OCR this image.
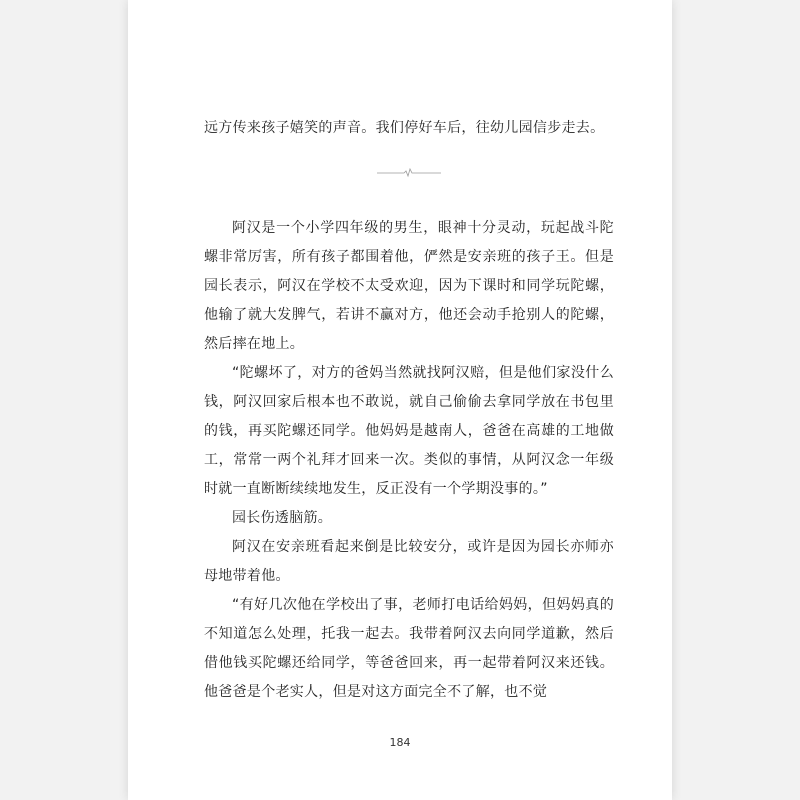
远方传来孩子嬉笑的声音。我们停好车后，往幼儿园信步走去。

阿汉是一个小学四年级的男生，眼神十分灵动，玩起战斗陀螺非常厉害，所有孩子都围着他，俨然是安亲班的孩子王。但是园长表示，阿汉在学校不太受欢迎，因为下课时和同学玩陀螺，他输了就大发脾气，若讲不赢对方，他还会动手抢别人的陀螺，然后摔在地上。

“陀螺坏了，对方的爸妈当然就找阿汉赔，但是他们家没什么钱，阿汉回家后根本也不敢说，就自己偷偷去拿同学放在书包里的钱，再买陀螺还同学。他妈妈是越南人，爸爸在高雄的工地做工，常常一两个礼拜才回来一次。类似的事情，从阿汉念一年级时就一直断断续续地发生，反正没有一个学期没事的。”

园长伤透脑筋。

阿汉在安亲班看起来倒是比较安分，或许是因为园长亦师亦母地带着他。

“有好几次他在学校出了事，老师打电话给妈妈，但妈妈真的不知道怎么处理，托我一起去。我带着阿汉去向同学道歉，然后借他钱买陀螺还给同学，等爸爸回来，再一起带着阿汉来还钱。他爸爸是个老实人，但是对这方面完全不了解，也不觉

184
